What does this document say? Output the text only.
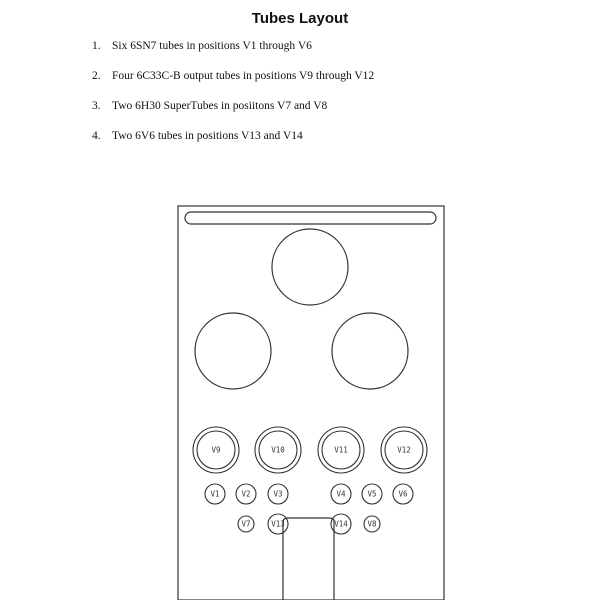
Tubes Layout
1. Six 6SN7 tubes in positions V1 through V6
2. Four 6C33C-B output tubes in positions V9 through V12
3. Two 6H30 SuperTubes in posiitons V7 and V8
4. Two 6V6 tubes in positions V13 and V14
V9	V10	V11	V12
V1	V2	V3	V4	V5	V6
V7	V13	V14	V8
